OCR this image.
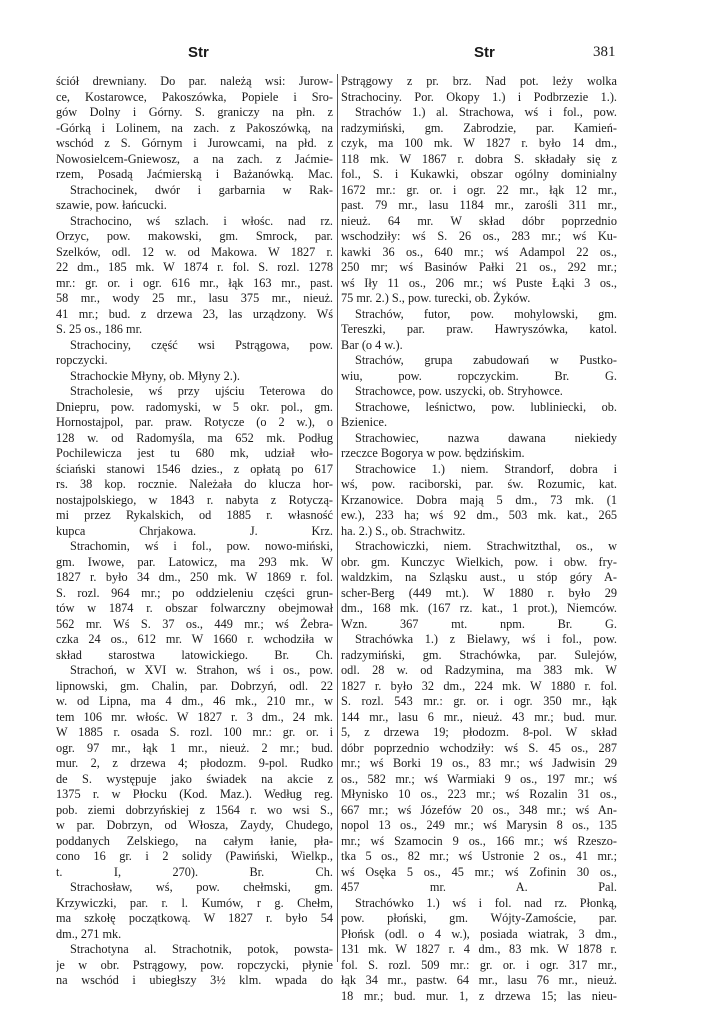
Str	Str	381
ściół drewniany. Do par. należą wsi: Jurow-
ce, Kostarowce, Pakoszówka, Popiele i Sro-
gów Dolny i Górny. S. graniczy na płn. z
-Górką i Lolinem, na zach. z Pakoszówką, na
wschód z S. Górnym i Jurowcami, na płd. z
Nowosielcem-Gniewosz, a na zach. z Jaćmie-
rzem, Posadą Jaćmierską i Bażanówką. Mac.
Strachocinek, dwór i garbarnia w Rak-
szawie, pow. łańcucki.
Strachocino, wś szlach. i włośc. nad rz.
Orzyc, pow. makowski, gm. Smrock, par.
Szelków, odl. 12 w. od Makowa. W 1827 r.
22 dm., 185 mk. W 1874 r. fol. S. rozl. 1278
mr.: gr. or. i ogr. 616 mr., łąk 163 mr., past.
58 mr., wody 25 mr., lasu 375 mr., nieuż.
41 mr.; bud. z drzewa 23, las urządzony. Wś
S. 25 os., 186 mr.
Strachociny, część wsi Pstrągowa, pow.
ropczycki.
Strachockie Młyny, ob. Młyny 2.).
Stracholesie, wś przy ujściu Teterowa do
Dniepru, pow. radomyski, w 5 okr. pol., gm.
Hornostajpol, par. praw. Rotycze (o 2 w.), o
128 w. od Radomyśla, ma 652 mk. Podług
Pochilewicza jest tu 680 mk, udział wło-
ściański stanowi 1546 dzies., z opłatą po 617
rs. 38 kop. rocznie. Należała do klucza hor-
nostajpolskiego, w 1843 r. nabyta z Rotyczą-
mi przez Rykalskich, od 1885 r. własność
kupca Chrjakowa. J. Krz.
Strachomin, wś i fol., pow. nowo-miński,
gm. Iwowe, par. Latowicz, ma 293 mk. W
1827 r. było 34 dm., 250 mk. W 1869 r. fol.
S. rozl. 964 mr.; po oddzieleniu części grun-
tów w 1874 r. obszar folwarczny obejmował
562 mr. Wś S. 37 os., 449 mr.; wś Żebra-
czka 24 os., 612 mr. W 1660 r. wchodziła w
skład starostwa latowickiego. Br. Ch.
Strachoń, w XVI w. Strahon, wś i os., pow.
lipnowski, gm. Chalin, par. Dobrzyń, odl. 22
w. od Lipna, ma 4 dm., 46 mk., 210 mr., w
tem 106 mr. włośc. W 1827 r. 3 dm., 24 mk.
W 1885 r. osada S. rozl. 100 mr.: gr. or. i
ogr. 97 mr., łąk 1 mr., nieuż. 2 mr.; bud.
mur. 2, z drzewa 4; płodozm. 9-pol. Rudko
de S. występuje jako świadek na akcie z
1375 r. w Płocku (Kod. Maz.). Według reg.
pob. ziemi dobrzyńskiej z 1564 r. wo wsi S.,
w par. Dobrzyn, od Włosza, Zaydy, Chudego,
poddanych Zelskiego, na całym łanie, pła-
cono 16 gr. i 2 solidy (Pawiński, Wielkp.,
t. I, 270). Br. Ch.
Strachosław, wś, pow. chełmski, gm.
Krzywiczki, par. r. l. Kumów, r g. Chełm,
ma szkołę początkową. W 1827 r. było 54
dm., 271 mk.
Strachotyna al. Strachotnik, potok, powsta-
je w obr. Pstrągowy, pow. ropczycki, płynie
na wschód i ubiegłszy 3½ klm. wpada do
Pstrągowy z pr. brz. Nad pot. leży wolka
Strachociny. Por. Okopy 1.) i Podbrzezie 1.).
Strachów 1.) al. Strachowa, wś i fol., pow.
radzymiński, gm. Zabrodzie, par. Kamień-
czyk, ma 100 mk. W 1827 r. było 14 dm.,
118 mk. W 1867 r. dobra S. składały się z
fol., S. i Kukawki, obszar ogólny dominialny
1672 mr.: gr. or. i ogr. 22 mr., łąk 12 mr.,
past. 79 mr., lasu 1184 mr., zarośli 311 mr.,
nieuż. 64 mr. W skład dóbr poprzednio
wschodziły: wś S. 26 os., 283 mr.; wś Ku-
kawki 36 os., 640 mr.; wś Adampol 22 os.,
250 mr; wś Basinów Pałki 21 os., 292 mr.;
wś Iły 11 os., 206 mr.; wś Puste Łąki 3 os.,
75 mr. 2.) S., pow. turecki, ob. Żyków.
Strachów, futor, pow. mohylowski, gm.
Tereszki, par. praw. Hawryszówka, katol.
Bar (o 4 w.).
Strachów, grupa zabudowań w Pustko-
wiu, pow. ropczyckim. Br. G.
Strachowce, pow. uszycki, ob. Stryhowce.
Strachowe, leśnictwo, pow. lubliniecki, ob.
Bzienice.
Strachowiec, nazwa dawana niekiedy
rzeczce Bogorya w pow. będzińskim.
Strachowice 1.) niem. Strandorf, dobra i
wś, pow. raciborski, par. św. Rozumic, kat.
Krzanowice. Dobra mają 5 dm., 73 mk. (1
ew.), 233 ha; wś 92 dm., 503 mk. kat., 265
ha. 2.) S., ob. Strachwitz.
Strachowiczki, niem. Strachwitzthal, os., w
obr. gm. Kunczyc Wielkich, pow. i obw. fry-
waldzkim, na Szląsku aust., u stóp góry A-
scher-Berg (449 mt.). W 1880 r. było 29
dm., 168 mk. (167 rz. kat., 1 prot.), Niemców.
Wzn. 367 mt. npm. Br. G.
Strachówka 1.) z Bielawy, wś i fol., pow.
radzymiński, gm. Strachówka, par. Sulejów,
odl. 28 w. od Radzymina, ma 383 mk. W
1827 r. było 32 dm., 224 mk. W 1880 r. fol.
S. rozl. 543 mr.: gr. or. i ogr. 350 mr., łąk
144 mr., lasu 6 mr., nieuż. 43 mr.; bud. mur.
5, z drzewa 19; płodozm. 8-pol. W skład
dóbr poprzednio wchodziły: wś S. 45 os., 287
mr.; wś Borki 19 os., 83 mr.; wś Jadwisin 29
os., 582 mr.; wś Warmiaki 9 os., 197 mr.; wś
Młynisko 10 os., 223 mr.; wś Rozalin 31 os.,
667 mr.; wś Józefów 20 os., 348 mr.; wś An-
nopol 13 os., 249 mr.; wś Marysin 8 os., 135
mr.; wś Szamocin 9 os., 166 mr.; wś Rzeszo-
tka 5 os., 82 mr.; wś Ustronie 2 os., 41 mr.;
wś Osęka 5 os., 45 mr.; wś Zofinin 30 os.,
457 mr. A. Pal.
Strachówko 1.) wś i fol. nad rz. Płonką,
pow. płoński, gm. Wójty-Zamoście, par.
Płońsk (odl. o 4 w.), posiada wiatrak, 3 dm.,
131 mk. W 1827 r. 4 dm., 83 mk. W 1878 r.
fol. S. rozl. 509 mr.: gr. or. i ogr. 317 mr.,
łąk 34 mr., pastw. 64 mr., lasu 76 mr., nieuż.
18 mr.; bud. mur. 1, z drzewa 15; las nieu-
